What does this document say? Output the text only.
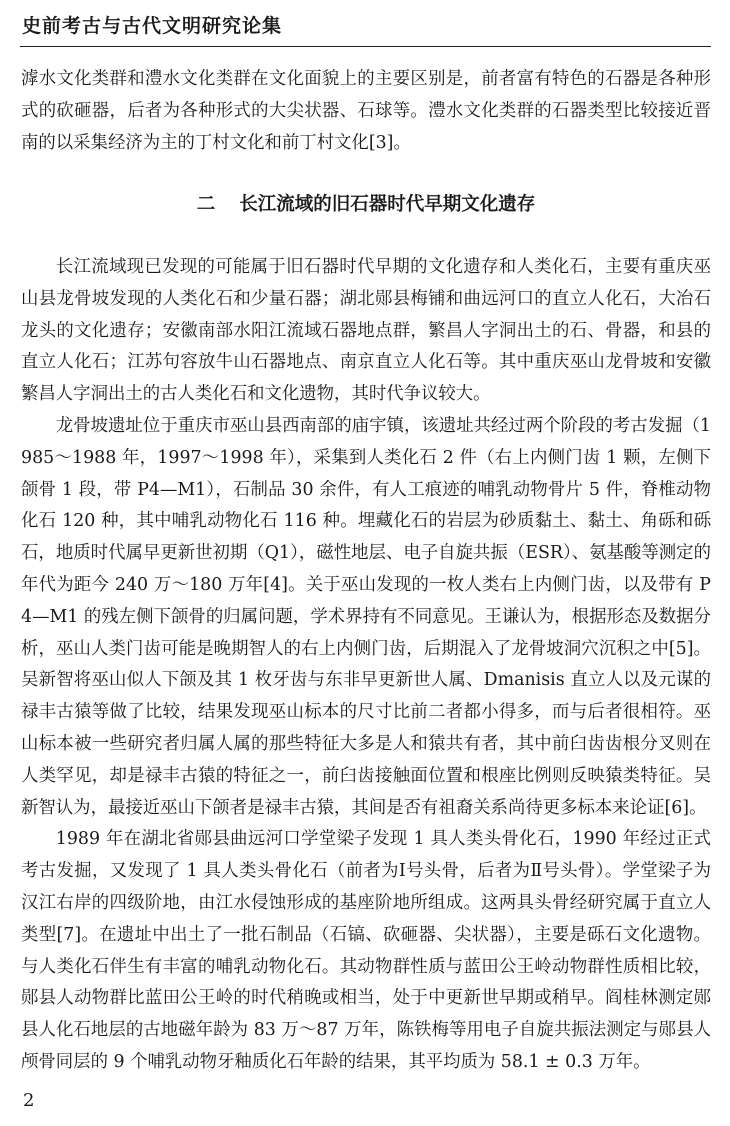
史前考古与古代文明研究论集

滹水文化类群和澧水文化类群在文化面貌上的主要区别是，前者富有特色的石器是各种形式的砍砸器，后者为各种形式的大尖状器、石球等。澧水文化类群的石器类型比较接近晋南的以采集经济为主的丁村文化和前丁村文化[3]。

二 长江流域的旧石器时代早期文化遗存

长江流域现已发现的可能属于旧石器时代早期的文化遗存和人类化石，主要有重庆巫山县龙骨坡发现的人类化石和少量石器；湖北郧县梅铺和曲远河口的直立人化石，大冶石龙头的文化遗存；安徽南部水阳江流域石器地点群，繁昌人字洞出土的石、骨器，和县的直立人化石；江苏句容放牛山石器地点、南京直立人化石等。其中重庆巫山龙骨坡和安徽繁昌人字洞出土的古人类化石和文化遗物，其时代争议较大。

龙骨坡遗址位于重庆市巫山县西南部的庙宇镇，该遗址共经过两个阶段的考古发掘（1985～1988 年，1997～1998 年），采集到人类化石 2 件（右上内侧门齿 1 颗，左侧下颌骨 1 段，带 P4—M1），石制品 30 余件，有人工痕迹的哺乳动物骨片 5 件，脊椎动物化石 120 种，其中哺乳动物化石 116 种。埋藏化石的岩层为砂质黏土、黏土、角砾和砾石，地质时代属早更新世初期（Q1），磁性地层、电子自旋共振（ESR）、氨基酸等测定的年代为距今 240 万～180 万年[4]。关于巫山发现的一枚人类右上内侧门齿，以及带有 P4—M1 的残左侧下颌骨的归属问题，学术界持有不同意见。王谦认为，根据形态及数据分析，巫山人类门齿可能是晚期智人的右上内侧门齿，后期混入了龙骨坡洞穴沉积之中[5]。吴新智将巫山似人下颌及其 1 枚牙齿与东非早更新世人属、Dmanisis 直立人以及元谋的禄丰古猿等做了比较，结果发现巫山标本的尺寸比前二者都小得多，而与后者很相符。巫山标本被一些研究者归属人属的那些特征大多是人和猿共有者，其中前臼齿齿根分叉则在人类罕见，却是禄丰古猿的特征之一，前臼齿接触面位置和根座比例则反映猿类特征。吴新智认为，最接近巫山下颌者是禄丰古猿，其间是否有祖裔关系尚待更多标本来论证[6]。

1989 年在湖北省郧县曲远河口学堂梁子发现 1 具人类头骨化石，1990 年经过正式考古发掘，又发现了 1 具人类头骨化石（前者为Ⅰ号头骨，后者为Ⅱ号头骨）。学堂梁子为汉江右岸的四级阶地，由江水侵蚀形成的基座阶地所组成。这两具头骨经研究属于直立人类型[7]。在遗址中出土了一批石制品（石镐、砍砸器、尖状器），主要是砾石文化遗物。与人类化石伴生有丰富的哺乳动物化石。其动物群性质与蓝田公王岭动物群性质相比较，郧县人动物群比蓝田公王岭的时代稍晚或相当，处于中更新世早期或稍早。阎桂林测定郧县人化石地层的古地磁年龄为 83 万～87 万年，陈铁梅等用电子自旋共振法测定与郧县人颅骨同层的 9 个哺乳动物牙釉质化石年龄的结果，其平均质为 58.1 ± 0.3 万年。

2
